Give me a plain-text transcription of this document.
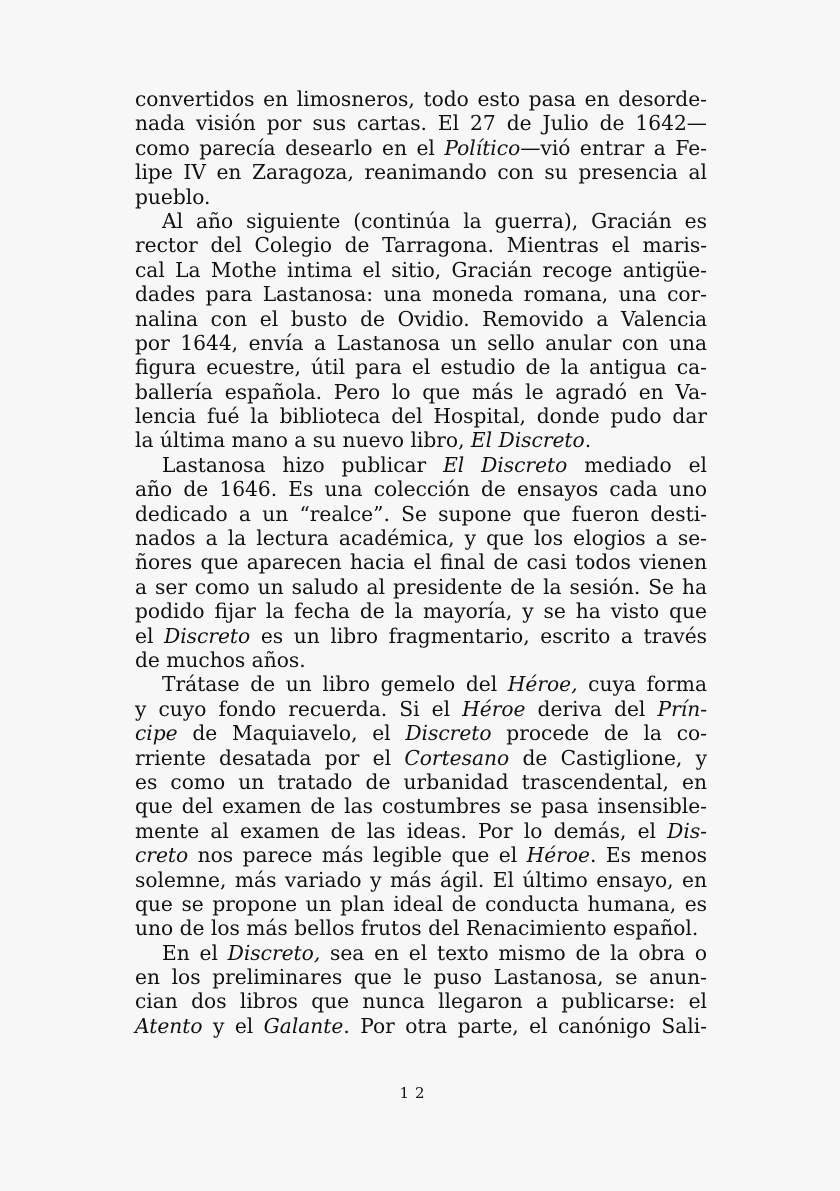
convertidos en limosneros, todo esto pasa en desorde-
nada visión por sus cartas. El 27 de Julio de 1642—
como parecía desearlo en el Político—vió entrar a Fe-
lipe IV en Zaragoza, reanimando con su presencia al
pueblo.
Al año siguiente (continúa la guerra), Gracián es
rector del Colegio de Tarragona. Mientras el maris-
cal La Mothe intima el sitio, Gracián recoge antigüe-
dades para Lastanosa: una moneda romana, una cor-
nalina con el busto de Ovidio. Removido a Valencia
por 1644, envía a Lastanosa un sello anular con una
figura ecuestre, útil para el estudio de la antigua ca-
ballería española. Pero lo que más le agradó en Va-
lencia fué la biblioteca del Hospital, donde pudo dar
la última mano a su nuevo libro, El Discreto.
Lastanosa hizo publicar El Discreto mediado el
año de 1646. Es una colección de ensayos cada uno
dedicado a un “realce”. Se supone que fueron desti-
nados a la lectura académica, y que los elogios a se-
ñores que aparecen hacia el final de casi todos vienen
a ser como un saludo al presidente de la sesión. Se ha
podido fijar la fecha de la mayoría, y se ha visto que
el Discreto es un libro fragmentario, escrito a través
de muchos años.
Trátase de un libro gemelo del Héroe, cuya forma
y cuyo fondo recuerda. Si el Héroe deriva del Prín-
cipe de Maquiavelo, el Discreto procede de la co-
rriente desatada por el Cortesano de Castiglione, y
es como un tratado de urbanidad trascendental, en
que del examen de las costumbres se pasa insensible-
mente al examen de las ideas. Por lo demás, el Dis-
creto nos parece más legible que el Héroe. Es menos
solemne, más variado y más ágil. El último ensayo, en
que se propone un plan ideal de conducta humana, es
uno de los más bellos frutos del Renacimiento español.
En el Discreto, sea en el texto mismo de la obra o
en los preliminares que le puso Lastanosa, se anun-
cian dos libros que nunca llegaron a publicarse: el
Atento y el Galante. Por otra parte, el canónigo Sali-
12
